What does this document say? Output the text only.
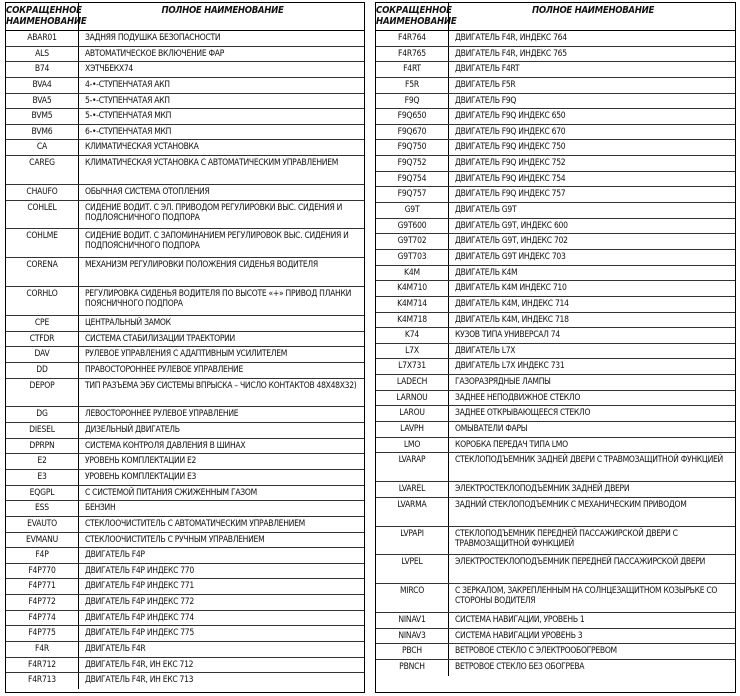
СОКРАЩЕННОЕ НАИМЕНОВАНИЕ
ПОЛНОЕ НАИМЕНОВАНИЕ
ABAR01	ЗАДНЯЯ ПОДУШКА БЕЗОПАСНОСТИ
ALS	АВТОМАТИЧЕСКОЕ ВКЛЮЧЕНИЕ ФАР
B74	ХЭТЧБЕКХ74
BVA4	4-•-СТУПЕНЧАТАЯ АКП
BVA5	5-•-СТУПЕНЧАТАЯ АКП
BVM5	5-•-СТУПЕНЧАТАЯ МКП
BVM6	6-•-СТУПЕНЧАТАЯ МКП
CA	КЛИМАТИЧЕСКАЯ УСТАНОВКА
CAREG	КЛИМАТИЧЕСКАЯ УСТАНОВКА С АВТОМАТИЧЕСКИМ УПРАВЛЕНИЕМ
CHAUFO	ОБЫЧНАЯ СИСТЕМА ОТОПЛЕНИЯ
COHLEL	СИДЕНИЕ ВОДИТ. С ЭЛ. ПРИВОДОМ РЕГУЛИРОВКИ ВЫС. СИДЕНИЯ И ПОДЛОЯСНИЧНОГО ПОДПОРА
COHLME	СИДЕНИЕ ВОДИТ. С ЗАПОМИНАНИЕМ РЕГУЛИРОВОК ВЫС. СИДЕНИЯ И ПОДПОЯСНИЧНОГО ПОДПОРА
CORENA	МЕХАНИЗМ РЕГУЛИРОВКИ ПОЛОЖЕНИЯ СИДЕНЬЯ ВОДИТЕЛЯ
CORHLO	РЕГУЛИРОВКА СИДЕНЬЯ ВОДИТЕЛЯ ПО ВЫСОТЕ «+» ПРИВОД ПЛАНКИ ПОЯСНИЧНОГО ПОДПОРА
CPE	ЦЕНТРАЛЬНЫЙ ЗАМОК
CTFDR	СИСТЕМА СТАБИЛИЗАЦИИ ТРАЕКТОРИИ
DAV	РУЛЕВОЕ УПРАВЛЕНИЯ С АДАПТИВНЫМ УСИЛИТЕЛЕМ
DD	ПРАВОСТОРОННЕЕ РУЛЕВОЕ УПРАВЛЕНИЕ
DEPOP	ТИП РАЗЪЕМА ЭБУ СИСТЕМЫ ВПРЫСКА – ЧИСЛО КОНТАКТОВ 48Х48Х32)
DG	ЛЕВОСТОРОННЕЕ РУЛЕВОЕ УПРАВЛЕНИЕ
DIESEL	ДИЗЕЛЬНЫЙ ДВИГАТЕЛЬ
DPRPN	СИСТЕМА КОНТРОЛЯ ДАВЛЕНИЯ В ШИНАХ
E2	УРОВЕНЬ КОМПЛЕКТАЦИИ E2
E3	УРОВЕНЬ КОМПЛЕКТАЦИИ E3
EQGPL	С СИСТЕМОЙ ПИТАНИЯ СЖИЖЕННЫМ ГАЗОМ
ESS	БЕНЗИН
EVAUTO	СТЕКЛООЧИСТИТЕЛЬ С АВТОМАТИЧЕСКИМ УПРАВЛЕНИЕМ
EVMANU	СТЕКЛООЧИСТИТЕЛЬ С РУЧНЫМ УПРАВЛЕНИЕМ
F4P	ДВИГАТЕЛЬ F4P
F4P770	ДВИГАТЕЛЬ F4P ИНДЕКС 770
F4P771	ДВИГАТЕЛЬ F4P ИНДЕКС 771
F4P772	ДВИГАТЕЛЬ F4P ИНДЕКС 772
F4P774	ДВИГАТЕЛЬ F4P ИНДЕКС 774
F4P775	ДВИГАТЕЛЬ F4P ИНДЕКС 775
F4R	ДВИГАТЕЛЬ F4R
F4R712	ДВИГАТЕЛЬ F4R, ИН ЕКС 712
F4R713	ДВИГАТЕЛЬ F4R, ИН ЕКС 713
СОКРАЩЕННОЕ НАИМЕНОВАНИЕ
ПОЛНОЕ НАИМЕНОВАНИЕ
F4R764	ДВИГАТЕЛЬ F4R, ИНДЕКС 764
F4R765	ДВИГАТЕЛЬ F4R, ИНДЕКС 765
F4RT	ДВИГАТЕЛЬ F4RT
F5R	ДВИГАТЕЛЬ F5R
F9Q	ДВИГАТЕЛЬ F9Q
F9Q650	ДВИГАТЕЛЬ F9Q ИНДЕКС 650
F9Q670	ДВИГАТЕЛЬ F9Q ИНДЕКС 670
F9Q750	ДВИГАТЕЛЬ F9Q ИНДЕКС 750
F9Q752	ДВИГАТЕЛЬ F9Q ИНДЕКС 752
F9Q754	ДВИГАТЕЛЬ F9Q ИНДЕКС 754
F9Q757	ДВИГАТЕЛЬ F9Q ИНДЕКС 757
G9T	ДВИГАТЕЛЬ G9T
G9T600	ДВИГАТЕЛЬ G9T, ИНДЕКС 600
G9T702	ДВИГАТЕЛЬ G9T, ИНДЕКС 702
G9T703	ДВИГАТЕЛЬ G9T ИНДЕКС 703
K4M	ДВИГАТЕЛЬ K4M
K4M710	ДВИГАТЕЛЬ K4M ИНДЕКС 710
K4M714	ДВИГАТЕЛЬ K4M, ИНДЕКС 714
K4M718	ДВИГАТЕЛЬ K4M, ИНДЕКС 718
K74	КУЗОВ ТИПА УНИВЕРСАЛ 74
L7X	ДВИГАТЕЛЬ L7X
L7X731	ДВИГАТЕЛЬ L7X ИНДЕКС 731
LADECH	ГАЗОРАЗРЯДНЫЕ ЛАМПЫ
LARNOU	ЗАДНЕЕ НЕПОДВИЖНОЕ СТЕКЛО
LAROU	ЗАДНЕЕ ОТКРЫВАЮЩЕЕСЯ СТЕКЛО
LAVPH	ОМЫВАТЕЛИ ФАРЫ
LMO	КОРОБКА ПЕРЕДАЧ ТИПА LMO
LVARAP	СТЕКЛОПОДЪЕМНИК ЗАДНЕЙ ДВЕРИ С ТРАВМОЗАЩИТНОЙ ФУНКЦИЕЙ
LVAREL	ЭЛЕКТРОСТЕКЛОПОДЪЕМНИК ЗАДНЕЙ ДВЕРИ
LVARMA	ЗАДНИЙ СТЕКЛОПОДЪЕМНИК С МЕХАНИЧЕСКИМ ПРИВОДОМ
LVPAPI	СТЕКЛОПОДЪЕМНИК ПЕРЕДНЕЙ ПАССАЖИРСКОЙ ДВЕРИ С ТРАВМОЗАЩИТНОЙ ФУНКЦИЕЙ
LVPEL	ЭЛЕКТРОСТЕКЛОПОДЪЕМНИК ПЕРЕДНЕЙ ПАССАЖИРСКОЙ ДВЕРИ
MIRCO	С ЗЕРКАЛОМ, ЗАКРЕПЛЕННЫМ НА СОЛНЦЕЗАЩИТНОМ КОЗЫРЬКЕ СО СТОРОНЫ ВОДИТЕЛЯ
NINAV1	СИСТЕМА НАВИГАЦИИ, УРОВЕНЬ 1
NINAV3	СИСТЕМА НАВИГАЦИИ УРОВЕНЬ 3
PBCH	ВЕТРОВОЕ СТЕКЛО С ЭЛЕКТРООБОГРЕВОМ
PBNCH	ВЕТРОВОЕ СТЕКЛО БЕЗ ОБОГРЕВА
